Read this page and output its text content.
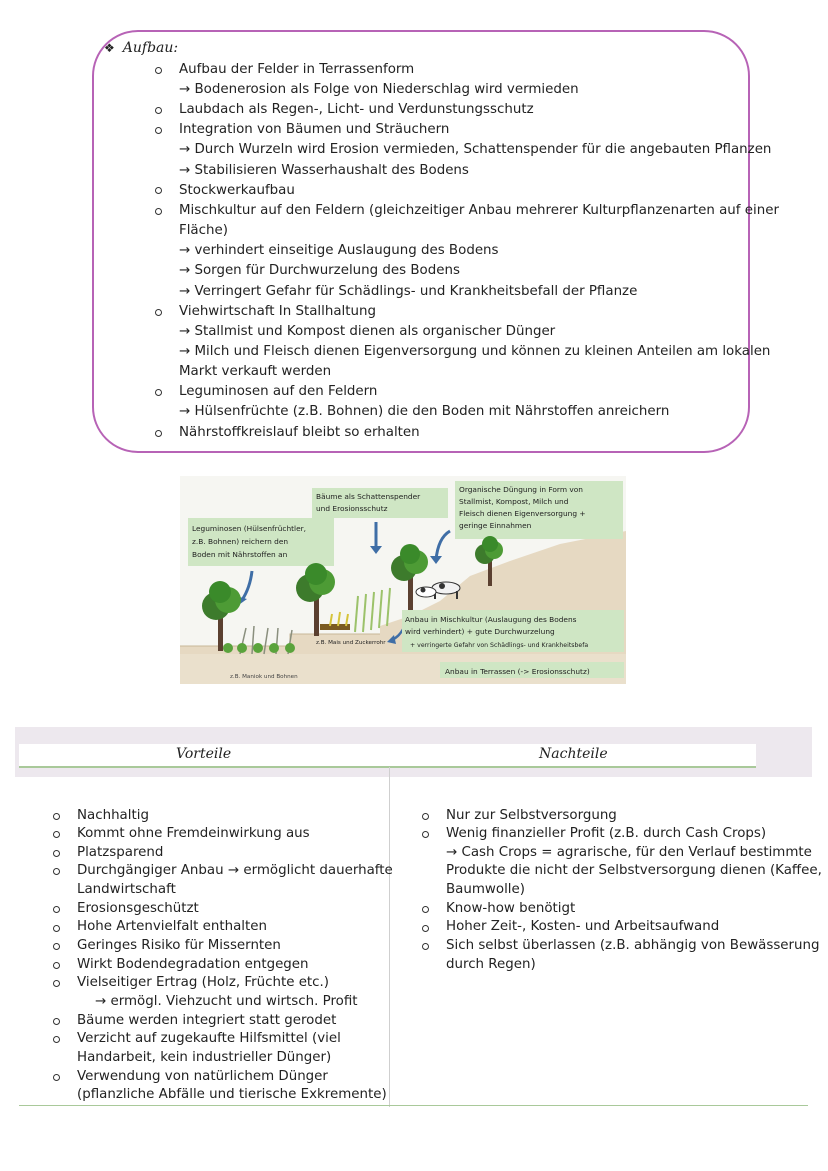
❖ Aufbau:
Aufbau der Felder in Terrassenform
→ Bodenerosion als Folge von Niederschlag wird vermieden
Laubdach als Regen-, Licht- und Verdunstungsschutz
Integration von Bäumen und Sträuchern
→ Durch Wurzeln wird Erosion vermieden, Schattenspender für die angebauten Pflanzen
→ Stabilisieren Wasserhaushalt des Bodens
Stockwerkaufbau
Mischkultur auf den Feldern (gleichzeitiger Anbau mehrerer Kulturpflanzenarten auf einer
Fläche)
→ verhindert einseitige Auslaugung des Bodens
→ Sorgen für Durchwurzelung des Bodens
→ Verringert Gefahr für Schädlings- und Krankheitsbefall der Pflanze
Viehwirtschaft In Stallhaltung
→ Stallmist und Kompost dienen als organischer Dünger
→ Milch und Fleisch dienen Eigenversorgung und können zu kleinen Anteilen am lokalen
Markt verkauft werden
Leguminosen auf den Feldern
→ Hülsenfrüchte (z.B. Bohnen) die den Boden mit Nährstoffen anreichern
Nährstoffkreislauf bleibt so erhalten
Bäume als Schattenspender und Erosionsschutz
Organische Düngung in Form von Stallmist, Kompost, Milch und Fleisch dienen Eigenversorgung + geringe Einnahmen
Leguminosen (Hülsenfrüchtler, z.B. Bohnen) reichern den Boden mit Nährstoffen an
Anbau in Mischkultur (Auslaugung des Bodens wird verhindert) + gute Durchwurzelung
+ verringerte Gefahr von Schädlings- und Krankheitsbefa
Anbau in Terrassen (-> Erosionsschutz)
z.B. Mais und Zuckerrohr
z.B. Maniok und Bohnen
Vorteile	Nachteile
Nachhaltig
Kommt ohne Fremdeinwirkung aus
Platzsparend
Durchgängiger Anbau → ermöglicht dauerhafte
Landwirtschaft
Erosionsgeschützt
Hohe Artenvielfalt enthalten
Geringes Risiko für Missernten
Wirkt Bodendegradation entgegen
Vielseitiger Ertrag (Holz, Früchte etc.)
→ ermögl. Viehzucht und wirtsch. Profit
Bäume werden integriert statt gerodet
Verzicht auf zugekaufte Hilfsmittel (viel
Handarbeit, kein industrieller Dünger)
Verwendung von natürlichem Dünger
(pflanzliche Abfälle und tierische Exkremente)
Nur zur Selbstversorgung
Wenig finanzieller Profit (z.B. durch Cash Crops)
→ Cash Crops = agrarische, für den Verlauf bestimmte
Produkte die nicht der Selbstversorgung dienen (Kaffee,
Baumwolle)
Know-how benötigt
Hoher Zeit-, Kosten- und Arbeitsaufwand
Sich selbst überlassen (z.B. abhängig von Bewässerung
durch Regen)
